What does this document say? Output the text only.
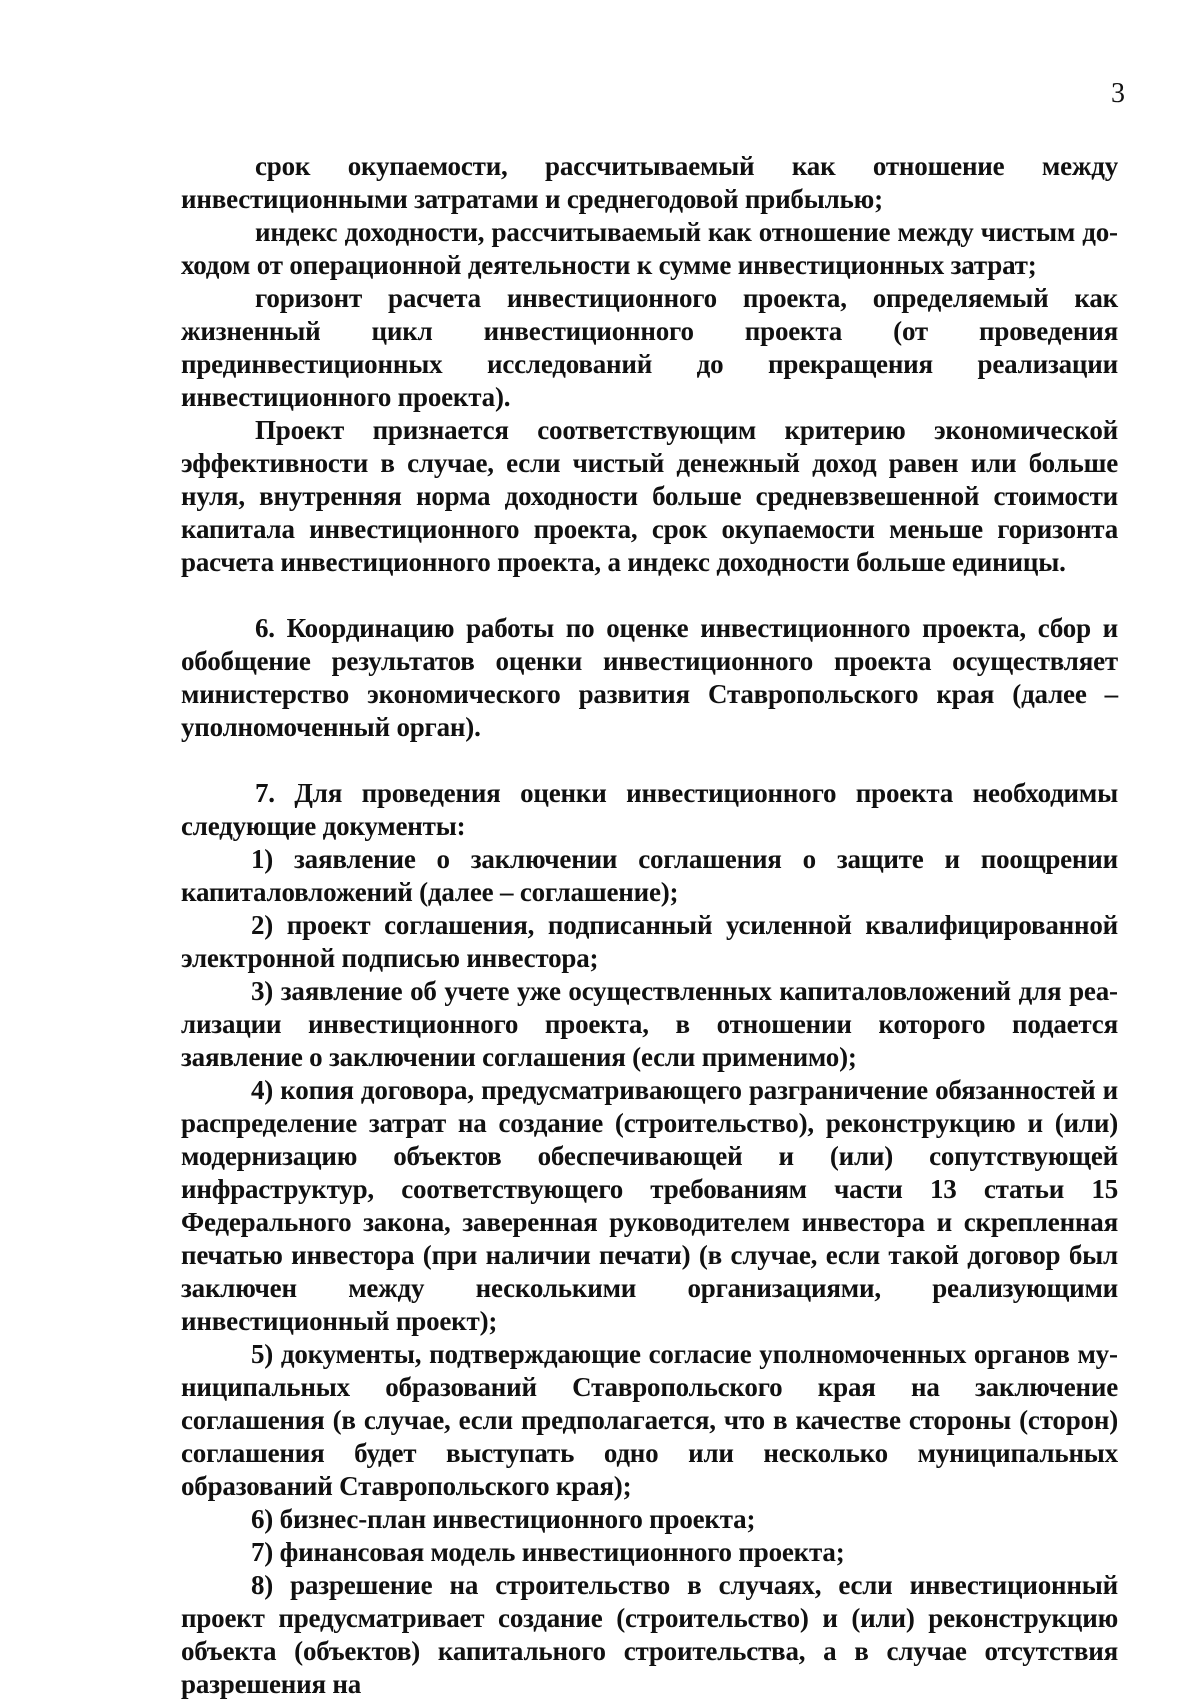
3

срок окупаемости, рассчитываемый как отношение между инвестиционными затратами и среднегодовой прибылью;

индекс доходности, рассчитываемый как отношение между чистым доходом от операционной деятельности к сумме инвестиционных затрат;

горизонт расчета инвестиционного проекта, определяемый как жизненный цикл инвестиционного проекта (от проведения прединвестиционных исследований до прекращения реализации инвестиционного проекта).

Проект признается соответствующим критерию экономической эффективности в случае, если чистый денежный доход равен или больше нуля, внутренняя норма доходности больше средневзвешенной стоимости капитала инвестиционного проекта, срок окупаемости меньше горизонта расчета инвестиционного проекта, а индекс доходности больше единицы.

6. Координацию работы по оценке инвестиционного проекта, сбор и обобщение результатов оценки инвестиционного проекта осуществляет министерство экономического развития Ставропольского края (далее – уполномоченный орган).

7. Для проведения оценки инвестиционного проекта необходимы следующие документы:

1) заявление о заключении соглашения о защите и поощрении капиталовложений (далее – соглашение);

2) проект соглашения, подписанный усиленной квалифицированной электронной подписью инвестора;

3) заявление об учете уже осуществленных капиталовложений для реализации инвестиционного проекта, в отношении которого подается заявление о заключении соглашения (если применимо);

4) копия договора, предусматривающего разграничение обязанностей и распределение затрат на создание (строительство), реконструкцию и (или) модернизацию объектов обеспечивающей и (или) сопутствующей инфраструктур, соответствующего требованиям части 13 статьи 15 Федерального закона, заверенная руководителем инвестора и скрепленная печатью инвестора (при наличии печати) (в случае, если такой договор был заключен между несколькими организациями, реализующими инвестиционный проект);

5) документы, подтверждающие согласие уполномоченных органов муниципальных образований Ставропольского края на заключение соглашения (в случае, если предполагается, что в качестве стороны (сторон) соглашения будет выступать одно или несколько муниципальных образований Ставропольского края);

6) бизнес-план инвестиционного проекта;

7) финансовая модель инвестиционного проекта;

8) разрешение на строительство в случаях, если инвестиционный проект предусматривает создание (строительство) и (или) реконструкцию объекта (объектов) капитального строительства, а в случае отсутствия разрешения на
